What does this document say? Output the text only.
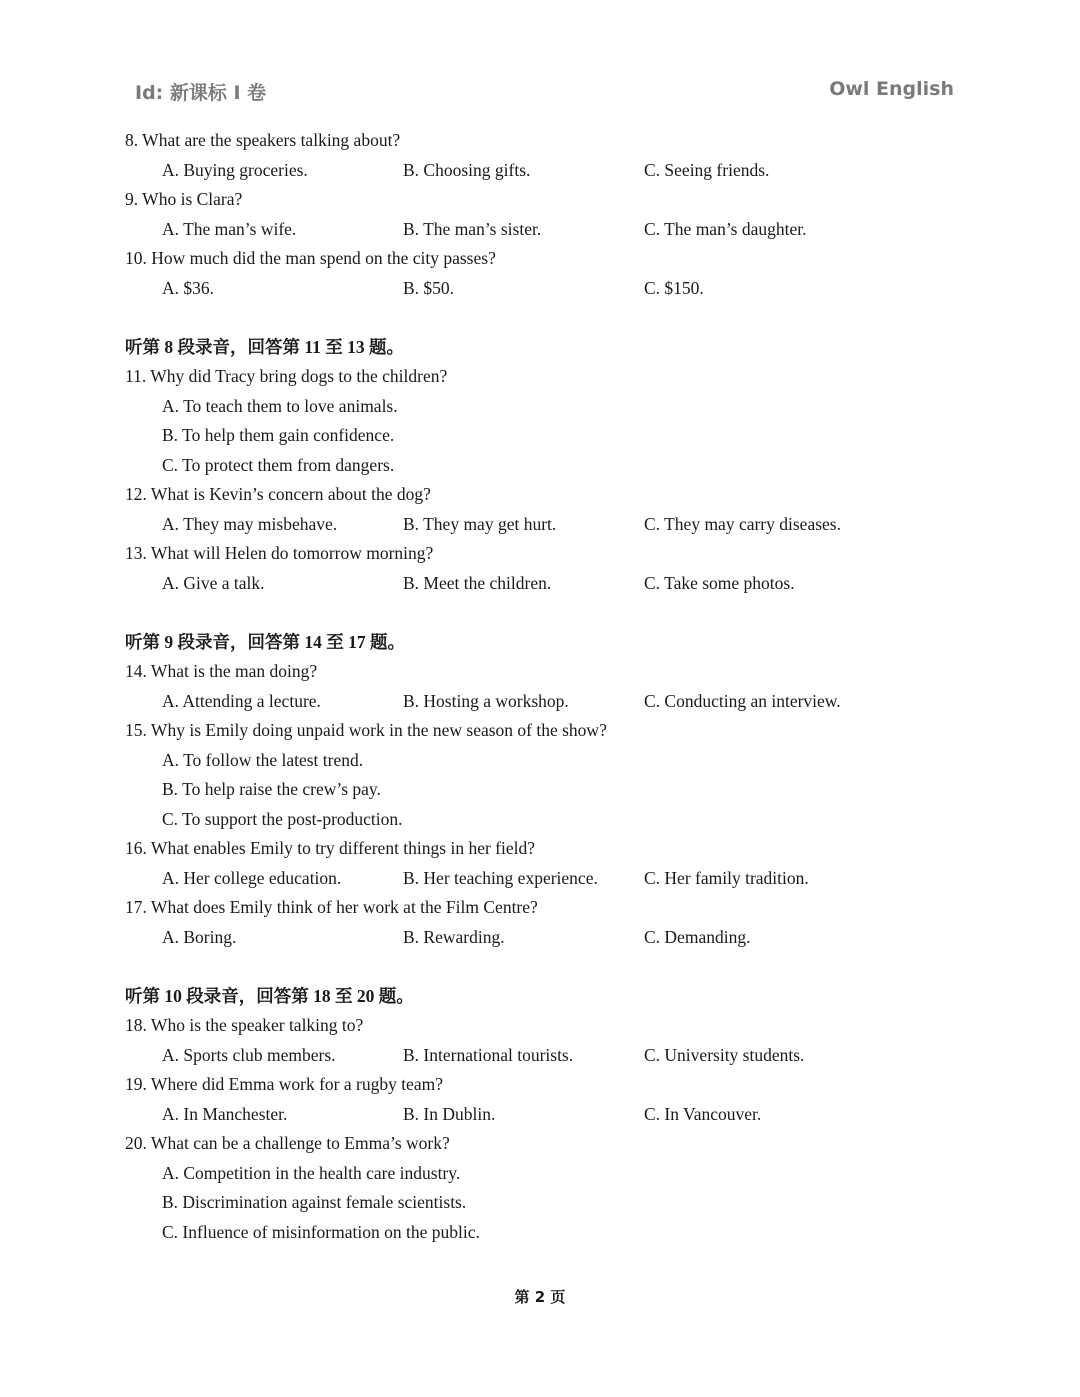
Id: 新课标 I 卷	Owl English
8. What are the speakers talking about?
A. Buying groceries.	B. Choosing gifts.	C. Seeing friends.
9. Who is Clara?
A. The man’s wife.	B. The man’s sister.	C. The man’s daughter.
10. How much did the man spend on the city passes?
A. $36.	B. $50.	C. $150.
听第 8 段录音，回答第 11 至 13 题。
11. Why did Tracy bring dogs to the children?
A. To teach them to love animals.
B. To help them gain confidence.
C. To protect them from dangers.
12. What is Kevin’s concern about the dog?
A. They may misbehave.	B. They may get hurt.	C. They may carry diseases.
13. What will Helen do tomorrow morning?
A. Give a talk.	B. Meet the children.	C. Take some photos.
听第 9 段录音，回答第 14 至 17 题。
14. What is the man doing?
A. Attending a lecture.	B. Hosting a workshop.	C. Conducting an interview.
15. Why is Emily doing unpaid work in the new season of the show?
A. To follow the latest trend.
B. To help raise the crew’s pay.
C. To support the post-production.
16. What enables Emily to try different things in her field?
A. Her college education.	B. Her teaching experience.	C. Her family tradition.
17. What does Emily think of her work at the Film Centre?
A. Boring.	B. Rewarding.	C. Demanding.
听第 10 段录音，回答第 18 至 20 题。
18. Who is the speaker talking to?
A. Sports club members.	B. International tourists.	C. University students.
19. Where did Emma work for a rugby team?
A. In Manchester.	B. In Dublin.	C. In Vancouver.
20. What can be a challenge to Emma’s work?
A. Competition in the health care industry.
B. Discrimination against female scientists.
C. Influence of misinformation on the public.
第 2 页
